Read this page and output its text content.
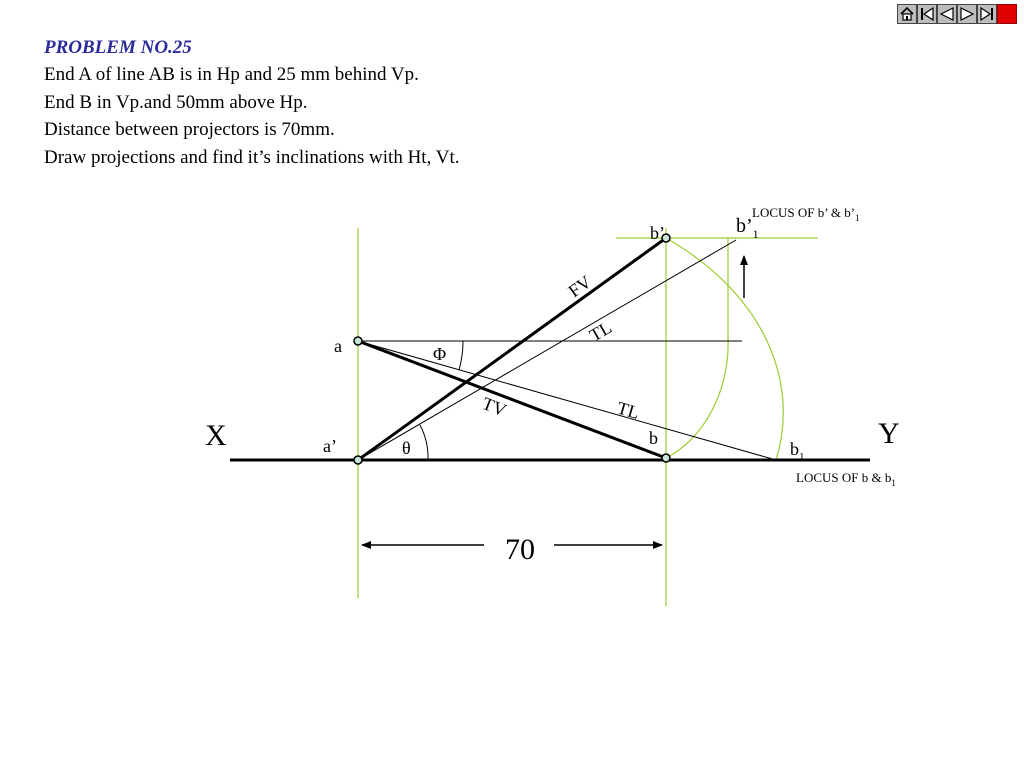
PROBLEM NO.25
End A of line AB is in Hp and 25 mm behind Vp.
End B in Vp.and 50mm above Hp.
Distance between projectors is 70mm.
Draw projections and find it’s inclinations with Ht, Vt.
70
X	Y
a
a’	b
b’	$b’_1$
$b_1$
LOCUS OF b’ & $b’_1$
LOCUS OF b & $b_1$
FV
TL
TV	TL
Φ
θ
